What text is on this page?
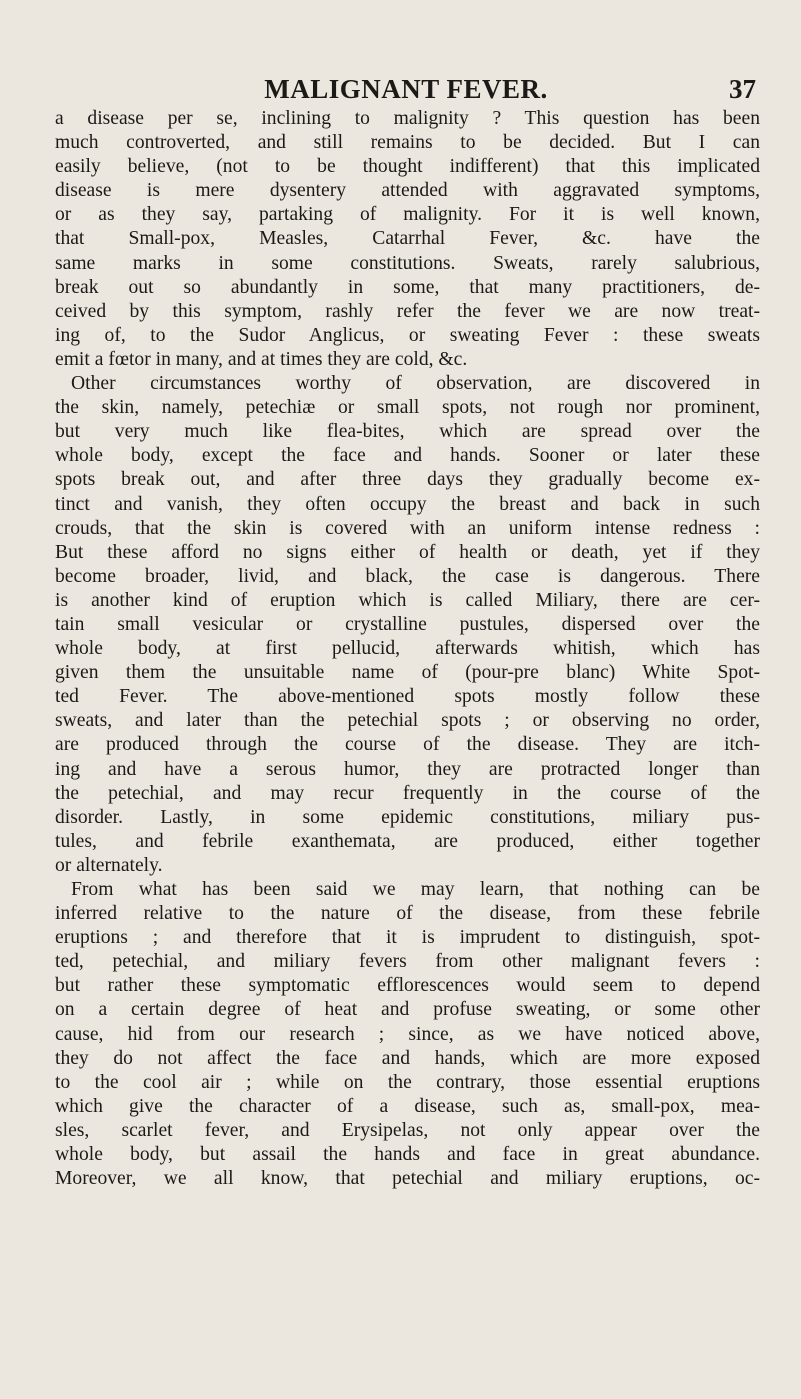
MALIGNANT FEVER.	37
a disease per se, inclining to malignity ? This question has been
much controverted, and still remains to be decided. But I can
easily believe, (not to be thought indifferent) that this implicated
disease is mere dysentery attended with aggravated symptoms,
or as they say, partaking of malignity. For it is well known,
that Small-pox, Measles, Catarrhal Fever, &c. have the
same marks in some constitutions. Sweats, rarely salubrious,
break out so abundantly in some, that many practitioners, de-
ceived by this symptom, rashly refer the fever we are now treat-
ing of, to the Sudor Anglicus, or sweating Fever : these sweats
emit a fœtor in many, and at times they are cold, &c.
Other circumstances worthy of observation, are discovered in
the skin, namely, petechiæ or small spots, not rough nor prominent,
but very much like flea-bites, which are spread over the
whole body, except the face and hands. Sooner or later these
spots break out, and after three days they gradually become ex-
tinct and vanish, they often occupy the breast and back in such
crouds, that the skin is covered with an uniform intense redness :
But these afford no signs either of health or death, yet if they
become broader, livid, and black, the case is dangerous. There
is another kind of eruption which is called Miliary, there are cer-
tain small vesicular or crystalline pustules, dispersed over the
whole body, at first pellucid, afterwards whitish, which has
given them the unsuitable name of (pour-pre blanc) White Spot-
ted Fever. The above-mentioned spots mostly follow these
sweats, and later than the petechial spots ; or observing no order,
are produced through the course of the disease. They are itch-
ing and have a serous humor, they are protracted longer than
the petechial, and may recur frequently in the course of the
disorder. Lastly, in some epidemic constitutions, miliary pus-
tules, and febrile exanthemata, are produced, either together
or alternately.
From what has been said we may learn, that nothing can be
inferred relative to the nature of the disease, from these febrile
eruptions ; and therefore that it is imprudent to distinguish, spot-
ted, petechial, and miliary fevers from other malignant fevers :
but rather these symptomatic efflorescences would seem to depend
on a certain degree of heat and profuse sweating, or some other
cause, hid from our research ; since, as we have noticed above,
they do not affect the face and hands, which are more exposed
to the cool air ; while on the contrary, those essential eruptions
which give the character of a disease, such as, small-pox, mea-
sles, scarlet fever, and Erysipelas, not only appear over the
whole body, but assail the hands and face in great abundance.
Moreover, we all know, that petechial and miliary eruptions, oc-
